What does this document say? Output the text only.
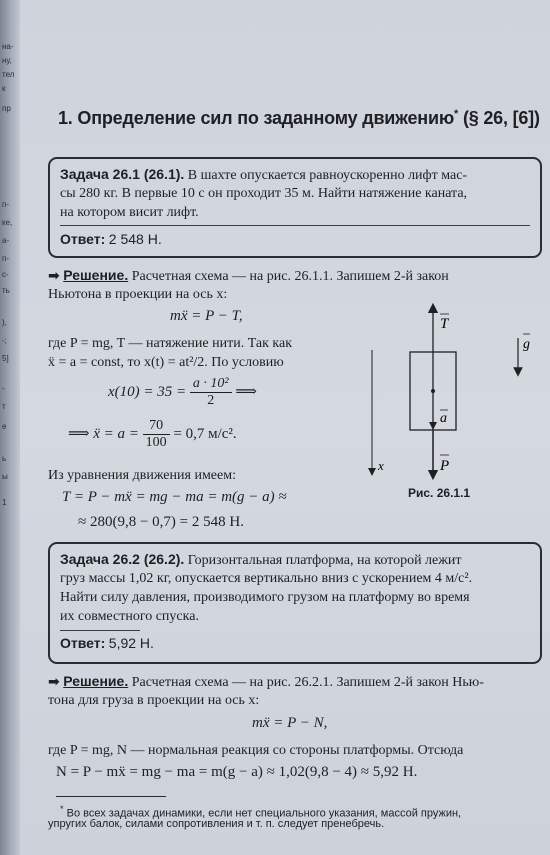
на-
ну,
тел
к
пр
п-
ке,
а-
п-
с-
ть
),
-;
5]
-
т
е
ь
ы
1
1. Определение сил по заданному движению* (§ 26, [6])
Задача 26.1 (26.1). В шахте опускается равноускоренно лифт мас-
сы 280 кг. В первые 10 с он проходит 35 м. Найти натяжение каната,
на котором висит лифт.
Ответ: 2 548 Н.
➡ Решение. Расчетная схема — на рис. 26.1.1. Запишем 2-й закон
Ньютона в проекции на ось x:
mẍ = P − T,
где P = mg, T — натяжение нити. Так как
ẍ = a = const, то x(t) = at²/2. По условию
$x(10) = 35 = \frac{\text{a · 10²}}{2}$ ⟹
⟹ ẍ = $a = \frac{70}{100} = 0,7$ м/с².
Из уравнения движения имеем:
T = P − mẍ = mg − ma = m(g − a) ≈
≈ 280(9,8 − 0,7) = 2 548 Н.
T
a
P
x
g
Рис. 26.1.1
Задача 26.2 (26.2). Горизонтальная платформа, на которой лежит
груз массы 1,02 кг, опускается вертикально вниз с ускорением 4 м/с².
Найти силу давления, производимого грузом на платформу во время
их совместного спуска.
Ответ: 5,92 Н.
➡ Решение. Расчетная схема — на рис. 26.2.1. Запишем 2-й закон Нью-
тона для груза в проекции на ось x:
mẍ = P − N,
где P = mg, N — нормальная реакция со стороны платформы. Отсюда
N = P − mẍ = mg − ma = m(g − a) ≈ 1,02(9,8 − 4) ≈ 5,92 Н.
* Во всех задачах динамики, если нет специального указания, массой пружин,
упругих балок, силами сопротивления и т. п. следует пренебречь.
